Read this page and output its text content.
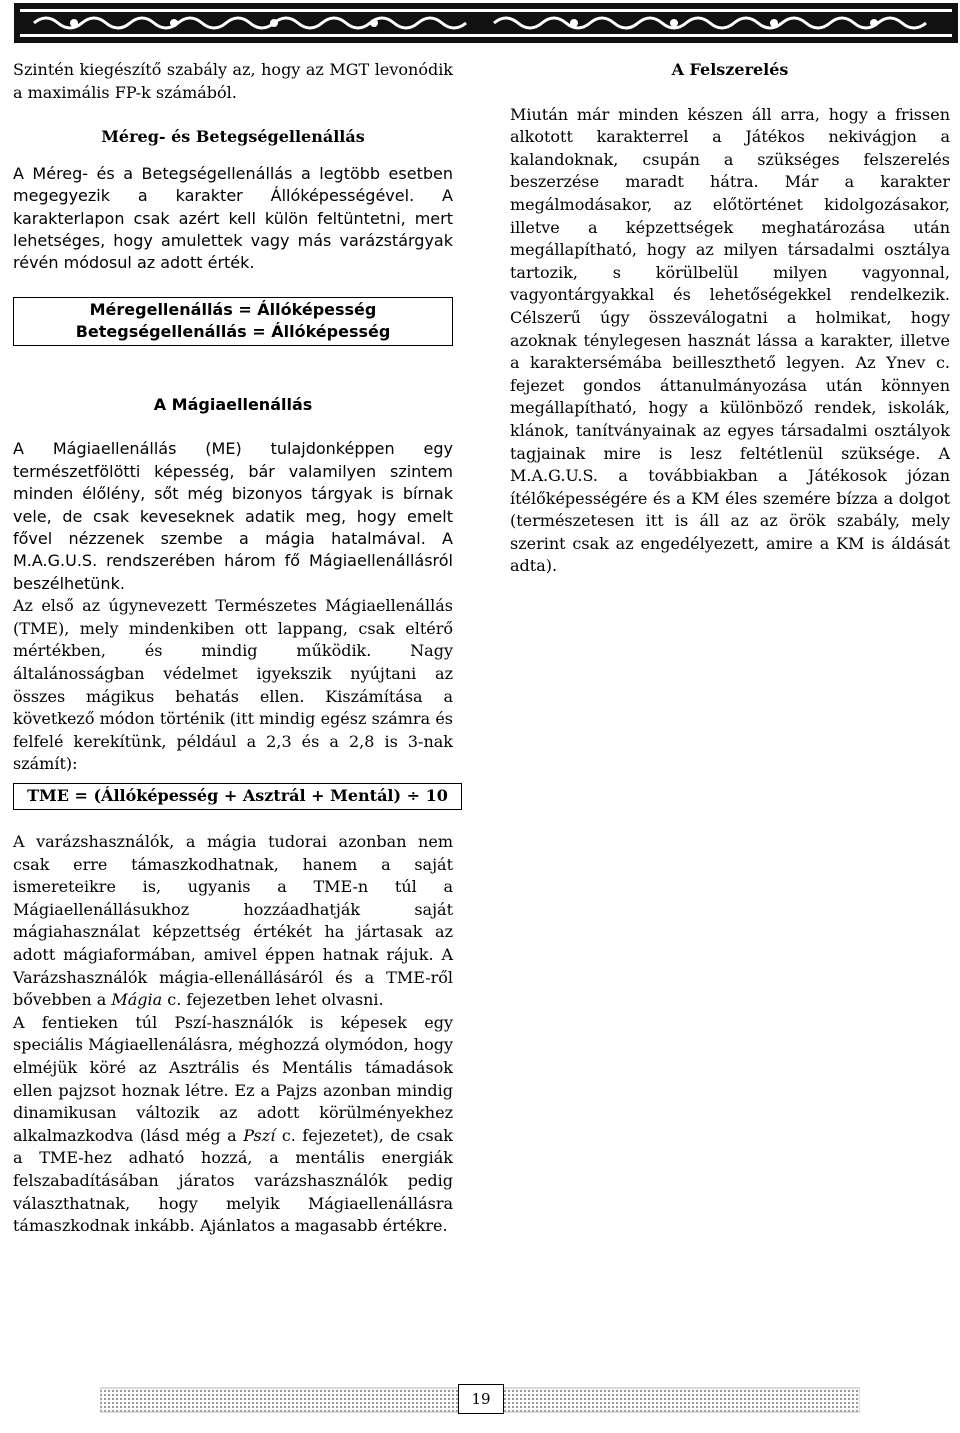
Szintén kiegészítő szabály az, hogy az MGT levonódik a maximális FP-k számából.

Méreg- és Betegségellenállás

A Méreg- és a Betegségellenállás a legtöbb esetben megegyezik a karakter Állóképességével. A karakterlapon csak azért kell külön feltüntetni, mert lehetséges, hogy amulettek vagy más varázstárgyak révén módosul az adott érték.

Méregellenállás = Állóképesség
Betegségellenállás = Állóképesség

A Mágiaellenállás

A Mágiaellenállás (ME) tulajdonképpen egy természetfölötti képesség, bár valamilyen szintem minden élőlény, sőt még bizonyos tárgyak is bírnak vele, de csak keveseknek adatik meg, hogy emelt fővel nézzenek szembe a mágia hatalmával. A M.A.G.U.S. rendszerében három fő Mágiaellenállásról beszélhetünk.

Az első az úgynevezett Természetes Mágiaellenállás (TME), mely mindenkiben ott lappang, csak eltérő mértékben, és mindig működik. Nagy általánosságban védelmet igyekszik nyújtani az összes mágikus behatás ellen. Kiszámítása a következő módon történik (itt mindig egész számra és felfelé kerekítünk, például a 2,3 és a 2,8 is 3-nak számít):

TME = (Állóképesség + Asztrál + Mentál) ÷ 10

A varázshasználók, a mágia tudorai azonban nem csak erre támaszkodhatnak, hanem a saját ismereteikre is, ugyanis a TME-n túl a Mágiaellenállásukhoz hozzáadhatják saját mágiahasználat képzettség értékét ha jártasak az adott mágiaformában, amivel éppen hatnak rájuk. A Varázshasználók mágia-ellenállásáról és a TME-ről bővebben a Mágia c. fejezetben lehet olvasni.

A fentieken túl Pszí-használók is képesek egy speciális Mágiaellenálásra, méghozzá olymódon, hogy elméjük köré az Asztrális és Mentális támadások ellen pajzsot hoznak létre. Ez a Pajzs azonban mindig dinamikusan változik az adott körülményekhez alkalmazkodva (lásd még a Pszí c. fejezetet), de csak a TME-hez adható hozzá, a mentális energiák felszabadításában járatos varázshasználók pedig választhatnak, hogy melyik Mágiaellenállásra támaszkodnak inkább. Ajánlatos a magasabb értékre.

A Felszerelés

Miután már minden készen áll arra, hogy a frissen alkotott karakterrel a Játékos nekivágjon a kalandoknak, csupán a szükséges felszerelés beszerzése maradt hátra. Már a karakter megálmodásakor, az előtörténet kidolgozásakor, illetve a képzettségek meghatározása után megállapítható, hogy az milyen társadalmi osztálya tartozik, s körülbelül milyen vagyonnal, vagyontárgyakkal és lehetőségekkel rendelkezik. Célszerű úgy összeválogatni a holmikat, hogy azoknak ténylegesen hasznát lássa a karakter, illetve a karaktersémába beilleszthető legyen. Az Ynev c. fejezet gondos áttanulmányozása után könnyen megállapítható, hogy a különböző rendek, iskolák, klánok, tanítványainak az egyes társadalmi osztályok tagjainak mire is lesz feltétlenül szüksége. A M.A.G.U.S. a továbbiakban a Játékosok józan ítélőképességére és a KM éles szemére bízza a dolgot (természetesen itt is áll az az örök szabály, mely szerint csak az engedélyezett, amire a KM is áldását adta).

19
